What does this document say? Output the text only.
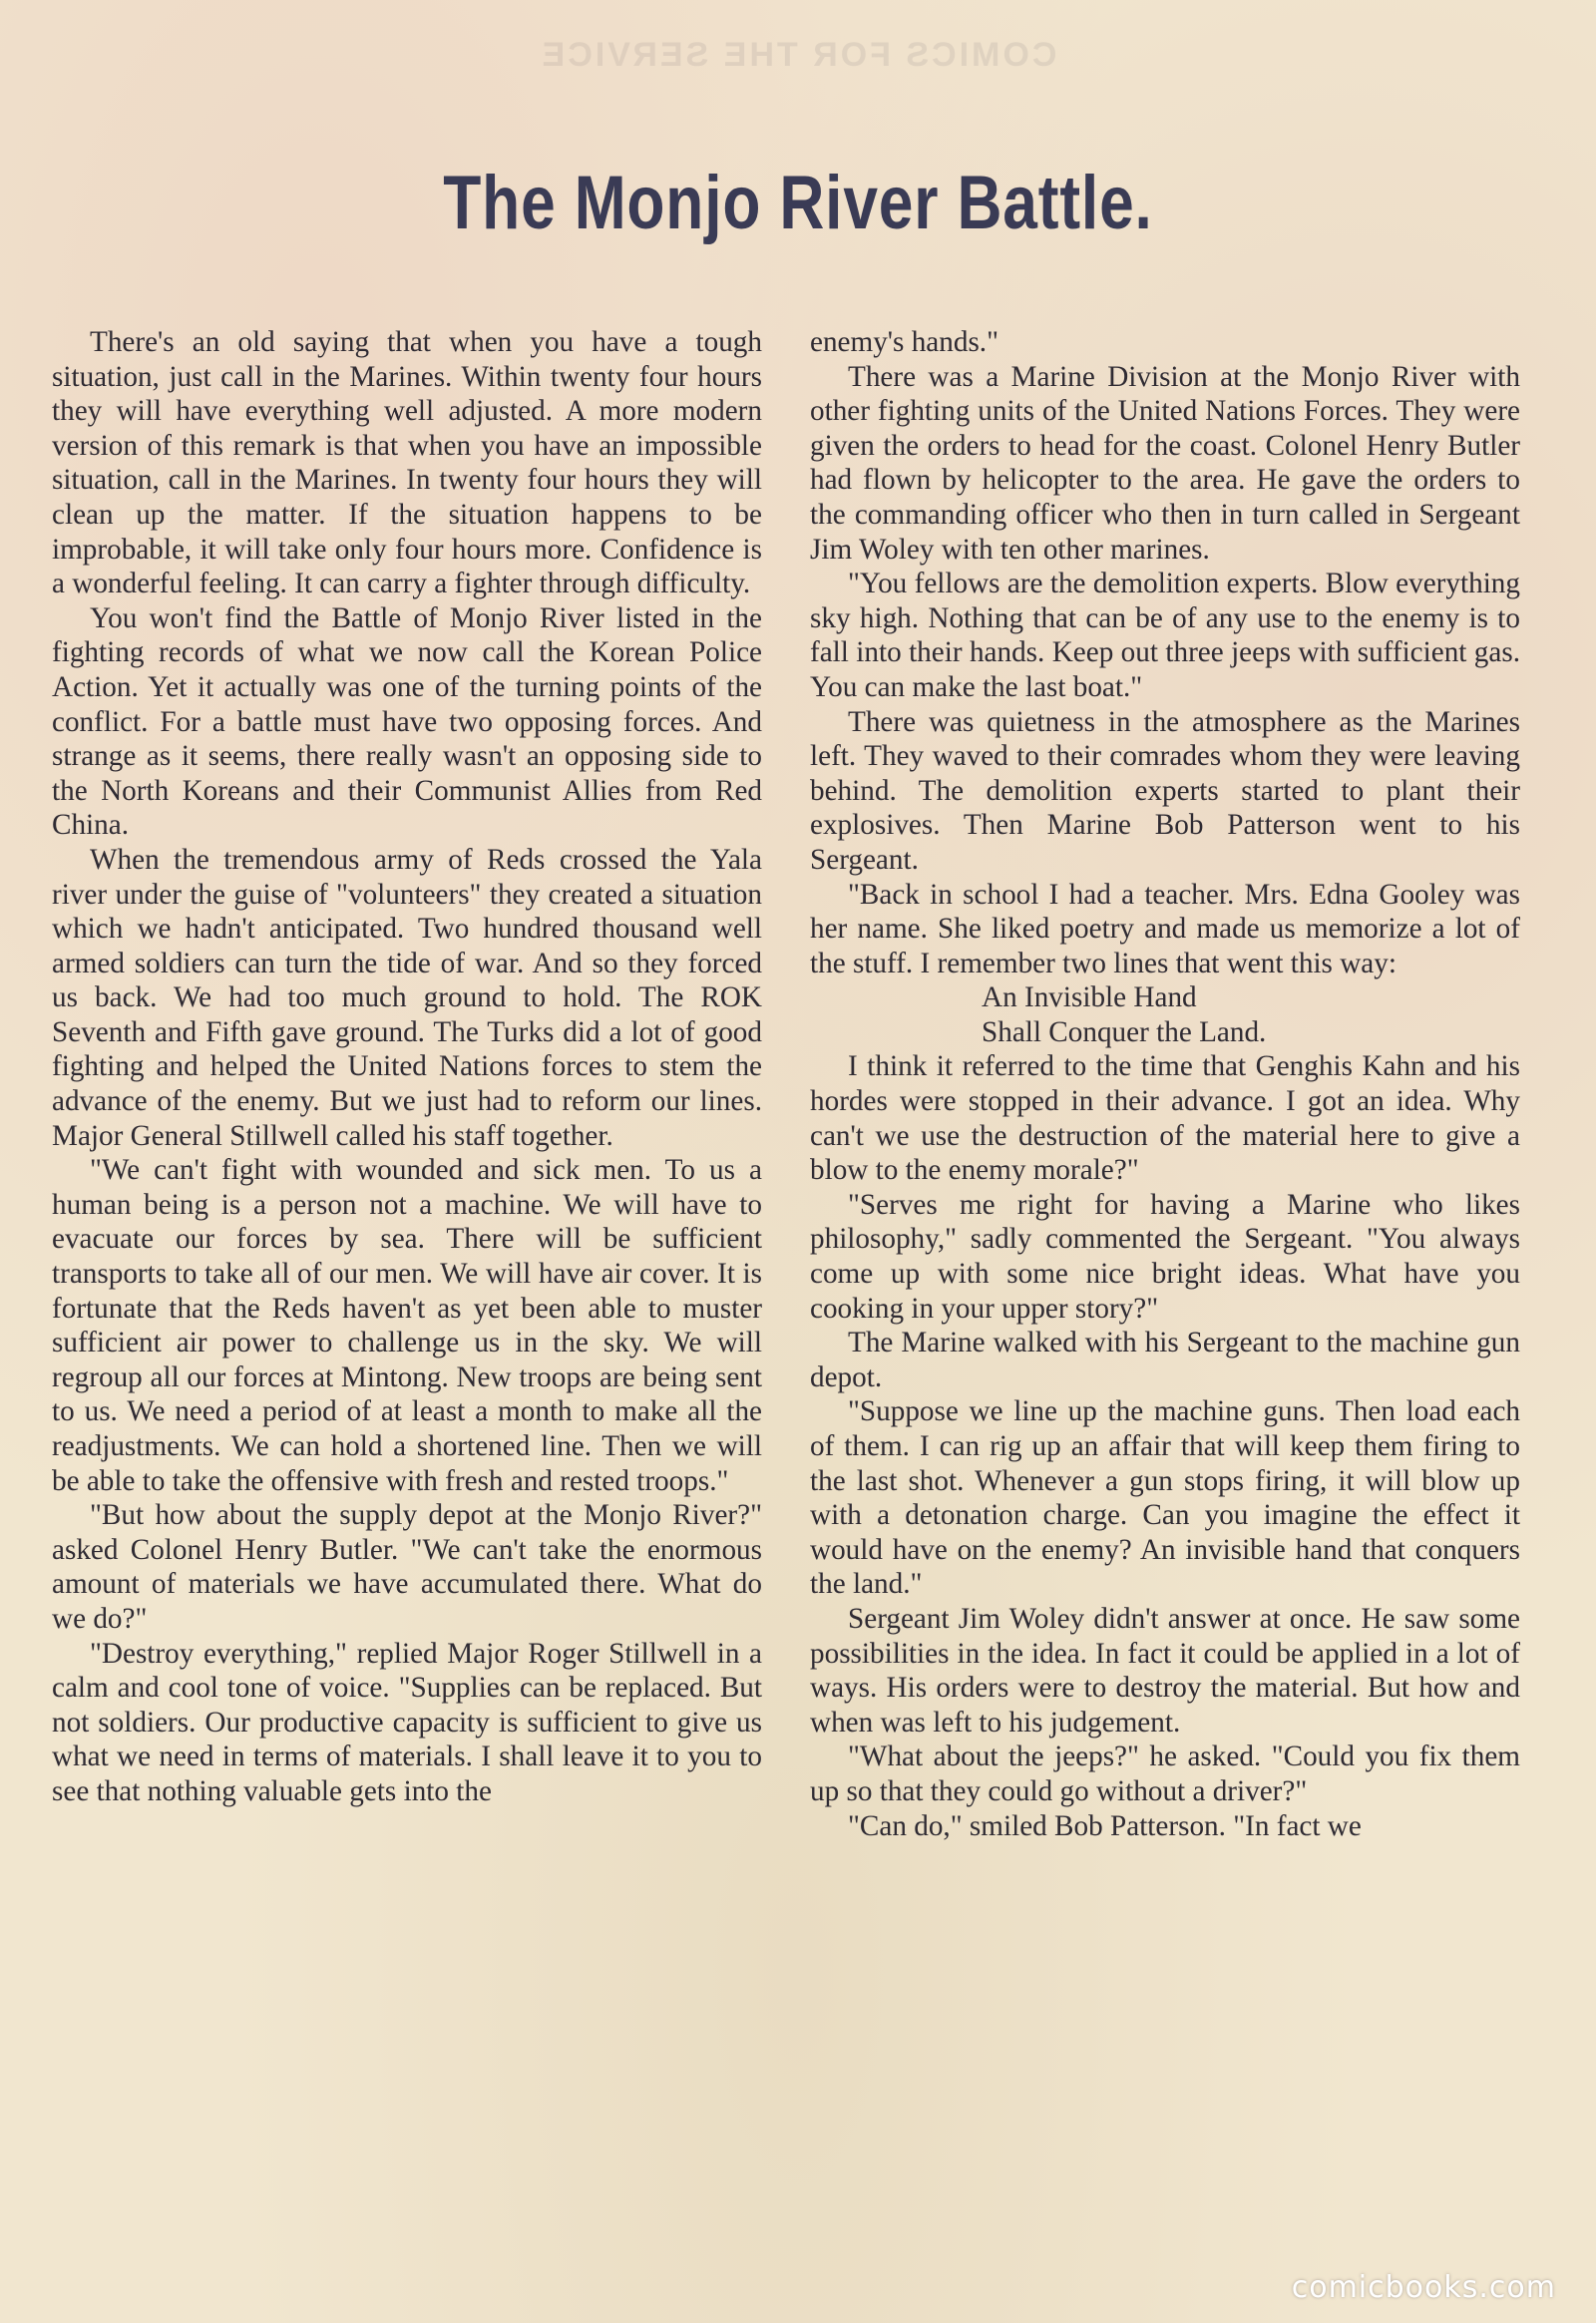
COMICS FOR THE SERVICE
The Monjo River Battle.

There's an old saying that when you have a tough situation, just call in the Marines. Within twenty four hours they will have everything well adjusted. A more modern version of this remark is that when you have an impossible situation, call in the Marines. In twenty four hours they will clean up the matter. If the situation happens to be improbable, it will take only four hours more. Confidence is a wonderful feeling. It can carry a fighter through difficulty.

You won't find the Battle of Monjo River listed in the fighting records of what we now call the Korean Police Action. Yet it actually was one of the turning points of the conflict. For a battle must have two opposing forces. And strange as it seems, there really wasn't an opposing side to the North Koreans and their Communist Allies from Red China.

When the tremendous army of Reds crossed the Yala river under the guise of "volunteers" they created a situation which we hadn't anticipated. Two hundred thousand well armed soldiers can turn the tide of war. And so they forced us back. We had too much ground to hold. The ROK Seventh and Fifth gave ground. The Turks did a lot of good fighting and helped the United Nations forces to stem the advance of the enemy. But we just had to reform our lines. Major General Stillwell called his staff together.

"We can't fight with wounded and sick men. To us a human being is a person not a machine. We will have to evacuate our forces by sea. There will be sufficient transports to take all of our men. We will have air cover. It is fortunate that the Reds haven't as yet been able to muster sufficient air power to challenge us in the sky. We will regroup all our forces at Mintong. New troops are being sent to us. We need a period of at least a month to make all the readjustments. We can hold a shortened line. Then we will be able to take the offensive with fresh and rested troops."

"But how about the supply depot at the Monjo River?" asked Colonel Henry Butler. "We can't take the enormous amount of materials we have accumulated there. What do we do?"

"Destroy everything," replied Major Roger Stillwell in a calm and cool tone of voice. "Supplies can be replaced. But not soldiers. Our productive capacity is sufficient to give us what we need in terms of materials. I shall leave it to you to see that nothing valuable gets into the

enemy's hands."

There was a Marine Division at the Monjo River with other fighting units of the United Nations Forces. They were given the orders to head for the coast. Colonel Henry Butler had flown by helicopter to the area. He gave the orders to the commanding officer who then in turn called in Sergeant Jim Woley with ten other marines.

"You fellows are the demolition experts. Blow everything sky high. Nothing that can be of any use to the enemy is to fall into their hands. Keep out three jeeps with sufficient gas. You can make the last boat."

There was quietness in the atmosphere as the Marines left. They waved to their comrades whom they were leaving behind. The demolition experts started to plant their explosives. Then Marine Bob Patterson went to his Sergeant.

"Back in school I had a teacher. Mrs. Edna Gooley was her name. She liked poetry and made us memorize a lot of the stuff. I remember two lines that went this way:

An Invisible Hand
Shall Conquer the Land.

I think it referred to the time that Genghis Kahn and his hordes were stopped in their advance. I got an idea. Why can't we use the destruction of the material here to give a blow to the enemy morale?"

"Serves me right for having a Marine who likes philosophy," sadly commented the Sergeant. "You always come up with some nice bright ideas. What have you cooking in your upper story?"

The Marine walked with his Sergeant to the machine gun depot.

"Suppose we line up the machine guns. Then load each of them. I can rig up an affair that will keep them firing to the last shot. Whenever a gun stops firing, it will blow up with a detonation charge. Can you imagine the effect it would have on the enemy? An invisible hand that conquers the land."

Sergeant Jim Woley didn't answer at once. He saw some possibilities in the idea. In fact it could be applied in a lot of ways. His orders were to destroy the material. But how and when was left to his judgement.

"What about the jeeps?" he asked. "Could you fix them up so that they could go without a driver?"

"Can do," smiled Bob Patterson. "In fact we

comicbooks.com
